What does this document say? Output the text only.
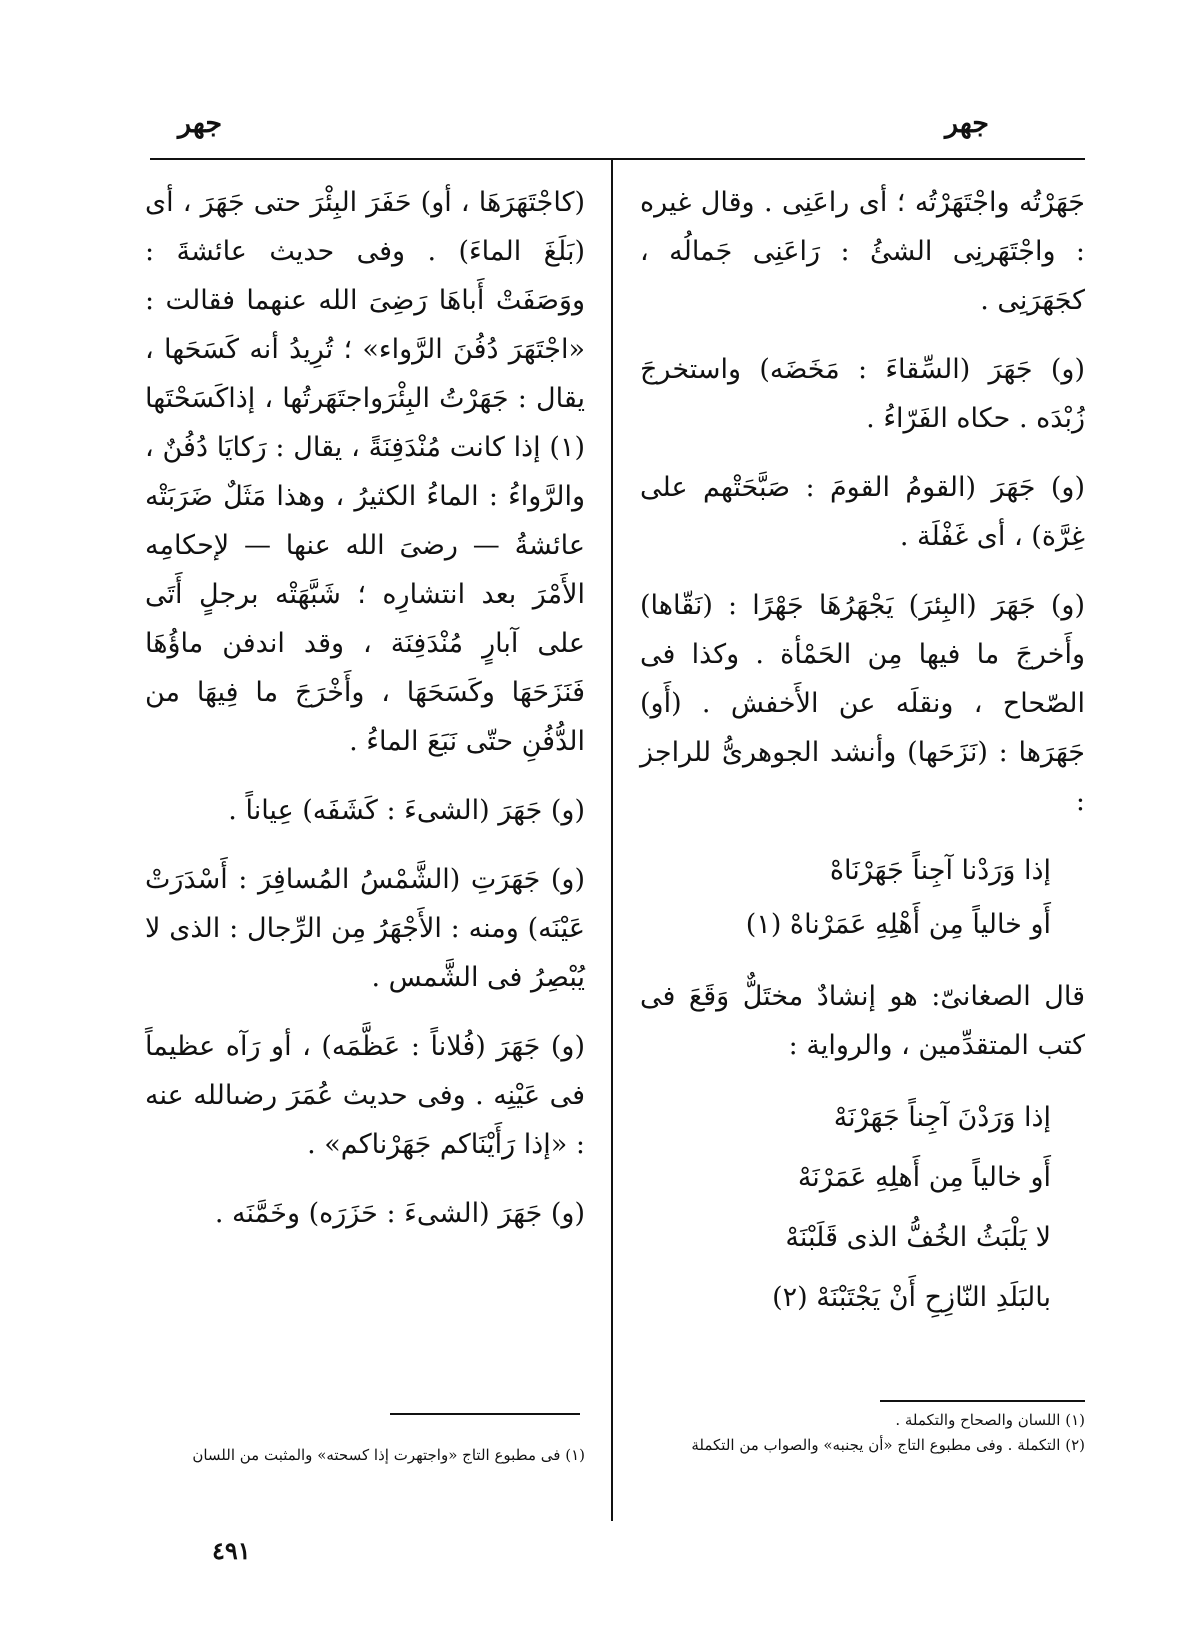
جهر
جهر

جَهَرْتُه واجْتَهَرْتُه ؛ أى راعَنِى . وقال غيره : واجْتَهَرنِى الشئُ : رَاعَنِى جَمالُه ، كجَهَرَنِى .

(و) جَهَرَ (السِّقاءَ : مَخَضَه) واستخرجَ زُبْدَه . حكاه الفَرّاءُ .

(و) جَهَرَ (القومُ القومَ : صَبَّحَتْهم على غِرَّة) ، أى غَفْلَة .

(و) جَهَرَ (البِئرَ) يَجْهَرُهَا جَهْرًا : (نَقّاها) وأَخرجَ ما فيها مِن الحَمْأة . وكذا فى الصّحاح ، ونقلَه عن الأَخفش . (أَو) جَهَرَها : (نَزَحَها) وأنشد الجوهرىُّ للراجز :

إذا وَرَدْنا آجِناً جَهَرْنَاهْ
أَو خالياً مِن أَهْلِهِ عَمَرْناهْ (١)

قال الصغانىّ: هو إنشادٌ مختَلٌّ وَقَعَ فى كتب المتقدِّمين ، والرواية :

إذا وَرَدْنَ آجِناً جَهَرْنَهْ
أَو خالياً مِن أَهلِهِ عَمَرْنَهْ
لا يَلْبَثُ الخُفُّ الذى قَلَبْنَهْ
بالبَلَدِ النّازِحِ أَنْ يَجْتَبْنَهْ (٢)

(كاجْتَهَرَهَا ، أو) حَفَرَ البِئْرَ حتى جَهَرَ ، أى (بَلَغَ الماءَ) . وفى حديث عائشةَ : ووَصَفَتْ أَباهَا رَضِىَ الله عنهما فقالت : «اجْتَهَرَ دُفُنَ الرَّواء» ؛ تُرِيدُ أنه كَسَحَها ، يقال : جَهَرْتُ البِئْرَواجتَهَرتُها ، إذاكَسَحْتَها (١) إذا كانت مُنْدَفِنَةً ، يقال : رَكايَا دُفُنٌ ، والرَّواءُ : الماءُ الكثيرُ ، وهذا مَثَلٌ ضَرَبَتْه عائشةُ — رضىَ الله عنها — لإحكامِه الأَمْرَ بعد انتشارِه ؛ شَبَّهَتْه برجلٍ أَتَى على آبارٍ مُنْدَفِنَة ، وقد اندفن ماؤُهَا فَنَزَحَهَا وكَسَحَهَا ، وأَخْرَجَ ما فِيهَا من الدُّفُنِ حتّى نَبَعَ الماءُ .

(و) جَهَرَ (الشىءَ : كَشَفَه) عِياناً .

(و) جَهَرَتِ (الشَّمْسُ المُسافِرَ : أَسْدَرَتْ عَيْنَه) ومنه : الأَجْهَرُ مِن الرِّجال : الذى لا يُبْصِرُ فى الشَّمس .

(و) جَهَرَ (فُلاناً : عَظَّمَه) ، أو رَآه عظيماً فى عَيْنِه . وفى حديث عُمَرَ رضىالله عنه : «إذا رَأَيْنَاكم جَهَرْناكم» .

(و) جَهَرَ (الشىءَ : حَزَرَه) وخَمَّنَه .

(١) اللسان والصحاح والتكملة .
(٢) التكملة . وفى مطبوع التاج «أن يجنبه» والصواب من التكملة
(١) فى مطبوع التاج «واجتهرت إذا كسحته» والمثبت من اللسان
٤٩١
